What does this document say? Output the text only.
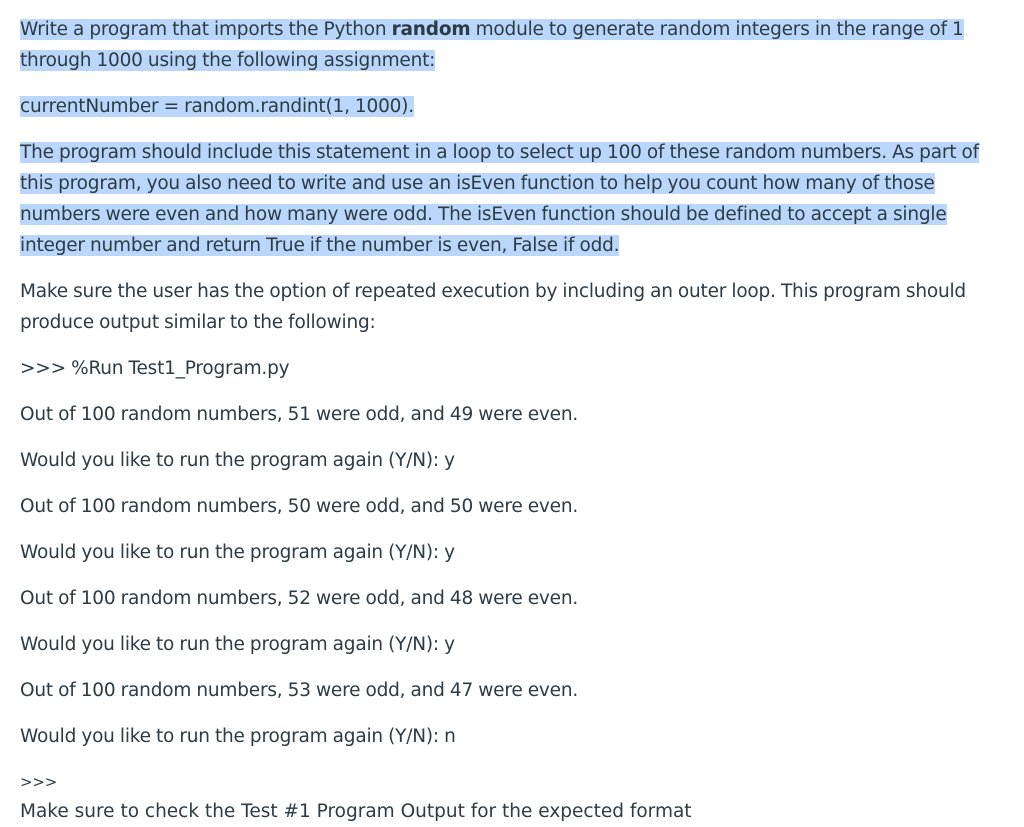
Write a program that imports the Python random module to generate random integers in the range of 1 through 1000 using the following assignment:

currentNumber = random.randint(1, 1000).

The program should include this statement in a loop to select up 100 of these random numbers. As part of this program, you also need to write and use an isEven function to help you count how many of those numbers were even and how many were odd. The isEven function should be defined to accept a single integer number and return True if the number is even, False if odd.

Make sure the user has the option of repeated execution by including an outer loop. This program should produce output similar to the following:

>>> %Run Test1_Program.py

Out of 100 random numbers, 51 were odd, and 49 were even.

Would you like to run the program again (Y/N): y

Out of 100 random numbers, 50 were odd, and 50 were even.

Would you like to run the program again (Y/N): y

Out of 100 random numbers, 52 were odd, and 48 were even.

Would you like to run the program again (Y/N): y

Out of 100 random numbers, 53 were odd, and 47 were even.

Would you like to run the program again (Y/N): n

>>>

Make sure to check the Test #1 Program Output for the expected format
